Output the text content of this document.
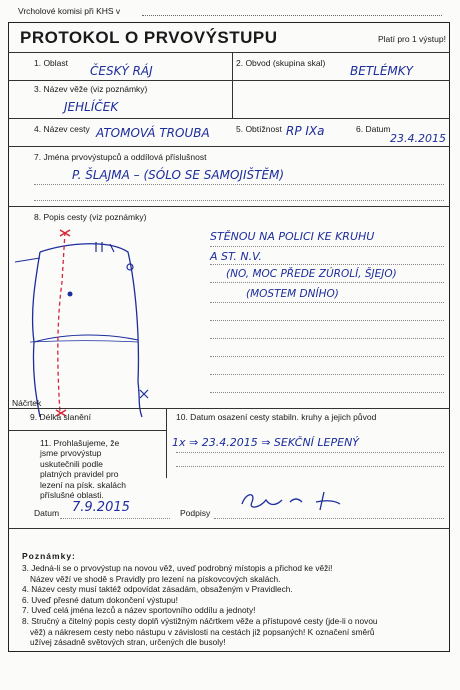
Vrcholové komisi při KHS v
PROTOKOL O PRVOVÝSTUPU	Platí pro 1 výstup!
1. Oblast
ČESKÝ RÁJ
2. Obvod (skupina skal)
BETLÉMKY
3. Název věže (viz poznámky)
JEHLÍČEK
4. Název cesty ATOMOVÁ TROUBA	5. Obtížnost RP IXa	6. Datum
23.4.2015
7. Jména prvovýstupců a oddílová příslušnost
P. ŠLAJMA – (SÓLO SE SAMOJIŠTĚM)
8. Popis cesty (viz poznámky)
STĚNOU NA POLICI KE KRUHU
A ST. N.V.
(NO, MOC PŘEDE ZÚROLÍ, ŠJEJO)
(MOSTEM DNÍHO)
Náčrtek
9. Délka slanění	10. Datum osazení cesty stabiln. kruhy a jejich původ
1x ⇒ 23.4.2015 ⇒ SEKČNÍ LEPENÝ
11. Prohlašujeme, že jsme prvovýstup uskutečnili podle platných pravidel pro lezení na písk. skalách příslušné oblasti.
Datum 7.9.2015	Podpisy
Poznámky:
3. Jedná-li se o prvovýstup na novou věž, uveď podrobný místopis a přichod ke věži!
Název věží ve shodě s Pravidly pro lezení na pískovcových skalách.
4. Název cesty musí taktéž odpovídat zásadám, obsaženým v Pravidlech.
6. Uveď přesné datum dokončení výstupu!
7. Uveď celá jména lezců a název sportovního oddílu a jednoty!
8. Stručný a čitelný popis cesty doplň výstižným náčrtkem věže a přístupové cesty (jde-li o novou
věž) a nákresem cesty nebo nástupu v závislosti na cestách již popsaných! K označení směrů
užívej zásadně světových stran, určených dle busoly!
